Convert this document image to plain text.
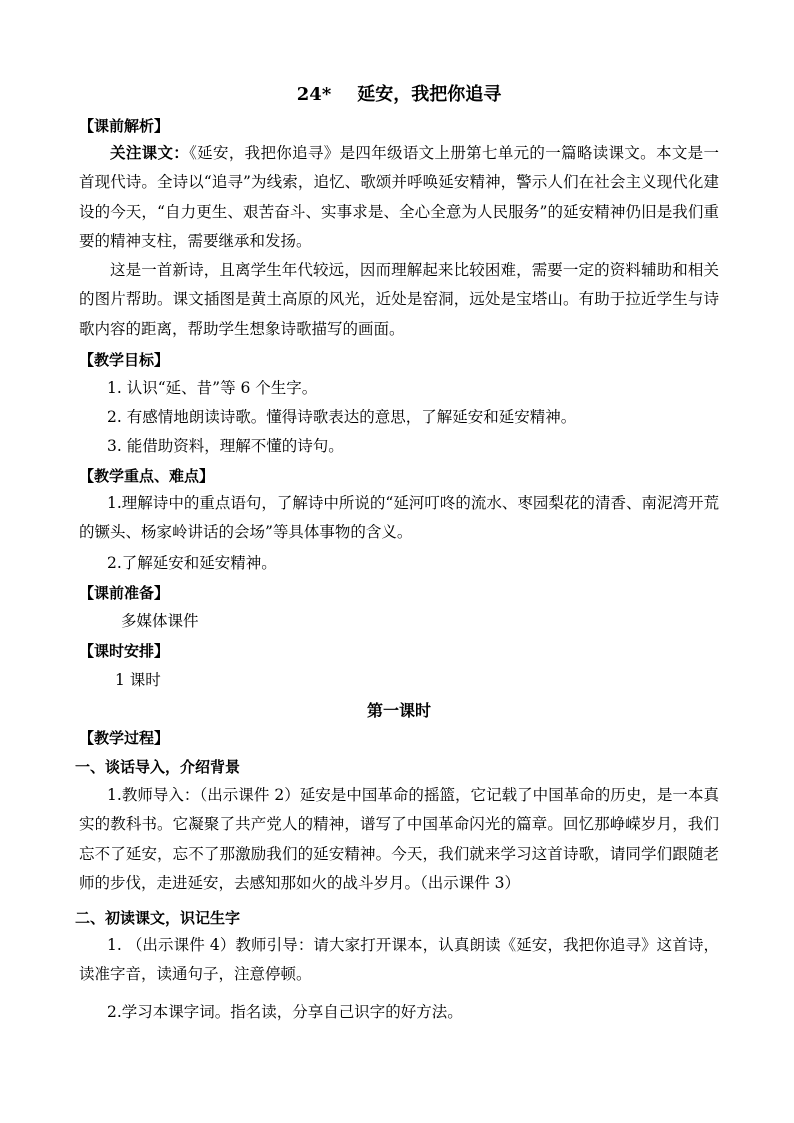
24* 延安，我把你追寻
【课前解析】
关注课文：《延安，我把你追寻》是四年级语文上册第七单元的一篇略读课文。本文是一首现代诗。全诗以“追寻”为线索，追忆、歌颂并呼唤延安精神，警示人们在社会主义现代化建设的今天，“自力更生、艰苦奋斗、实事求是、全心全意为人民服务”的延安精神仍旧是我们重要的精神支柱，需要继承和发扬。
这是一首新诗，且离学生年代较远，因而理解起来比较困难，需要一定的资料辅助和相关的图片帮助。课文插图是黄土高原的风光，近处是窑洞，远处是宝塔山。有助于拉近学生与诗歌内容的距离，帮助学生想象诗歌描写的画面。
【教学目标】
1. 认识“延、昔”等 6 个生字。
2. 有感情地朗读诗歌。懂得诗歌表达的意思，了解延安和延安精神。
3. 能借助资料，理解不懂的诗句。
【教学重点、难点】
1.理解诗中的重点语句，了解诗中所说的“延河叮咚的流水、枣园梨花的清香、南泥湾开荒的镢头、杨家岭讲话的会场”等具体事物的含义。
2.了解延安和延安精神。
【课前准备】
多媒体课件
【课时安排】
1 课时
第一课时
【教学过程】
一、谈话导入，介绍背景
1.教师导入：（出示课件 2）延安是中国革命的摇篮，它记载了中国革命的历史，是一本真实的教科书。它凝聚了共产党人的精神，谱写了中国革命闪光的篇章。回忆那峥嵘岁月，我们忘不了延安，忘不了那激励我们的延安精神。今天，我们就来学习这首诗歌，请同学们跟随老师的步伐，走进延安，去感知那如火的战斗岁月。（出示课件 3）
二、初读课文，识记生字
1. （出示课件 4）教师引导：请大家打开课本，认真朗读《延安，我把你追寻》这首诗，读准字音，读通句子，注意停顿。
2.学习本课字词。指名读，分享自己识字的好方法。
